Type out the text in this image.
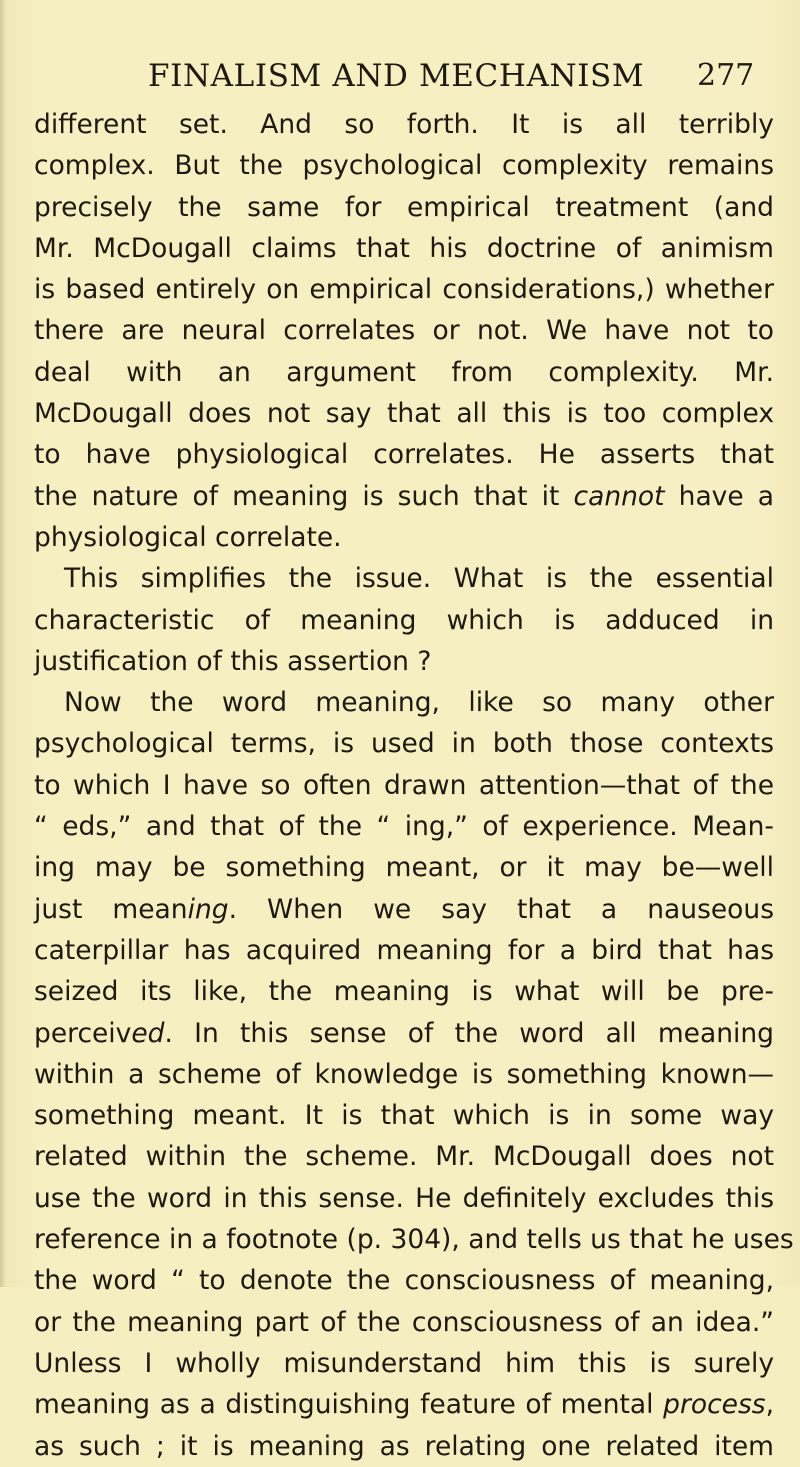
FINALISM AND MECHANISM 277
different set. And so forth. It is all terribly
complex. But the psychological complexity remains
precisely the same for empirical treatment (and
Mr. McDougall claims that his doctrine of animism
is based entirely on empirical considerations,) whether
there are neural correlates or not. We have not to
deal with an argument from complexity. Mr.
McDougall does not say that all this is too complex
to have physiological correlates. He asserts that
the nature of meaning is such that it cannot have a
physiological correlate.
This simplifies the issue. What is the essential
characteristic of meaning which is adduced in
justification of this assertion ?
Now the word meaning, like so many other
psychological terms, is used in both those contexts
to which I have so often drawn attention—that of the
“ eds,” and that of the “ ing,” of experience. Mean-
ing may be something meant, or it may be—well
just meaning. When we say that a nauseous
caterpillar has acquired meaning for a bird that has
seized its like, the meaning is what will be pre-
perceived. In this sense of the word all meaning
within a scheme of knowledge is something known—
something meant. It is that which is in some way
related within the scheme. Mr. McDougall does not
use the word in this sense. He definitely excludes this
reference in a footnote (p. 304), and tells us that he uses
the word “ to denote the consciousness of meaning,
or the meaning part of the consciousness of an idea.”
Unless I wholly misunderstand him this is surely
meaning as a distinguishing feature of mental process,
as such ; it is meaning as relating one related item
